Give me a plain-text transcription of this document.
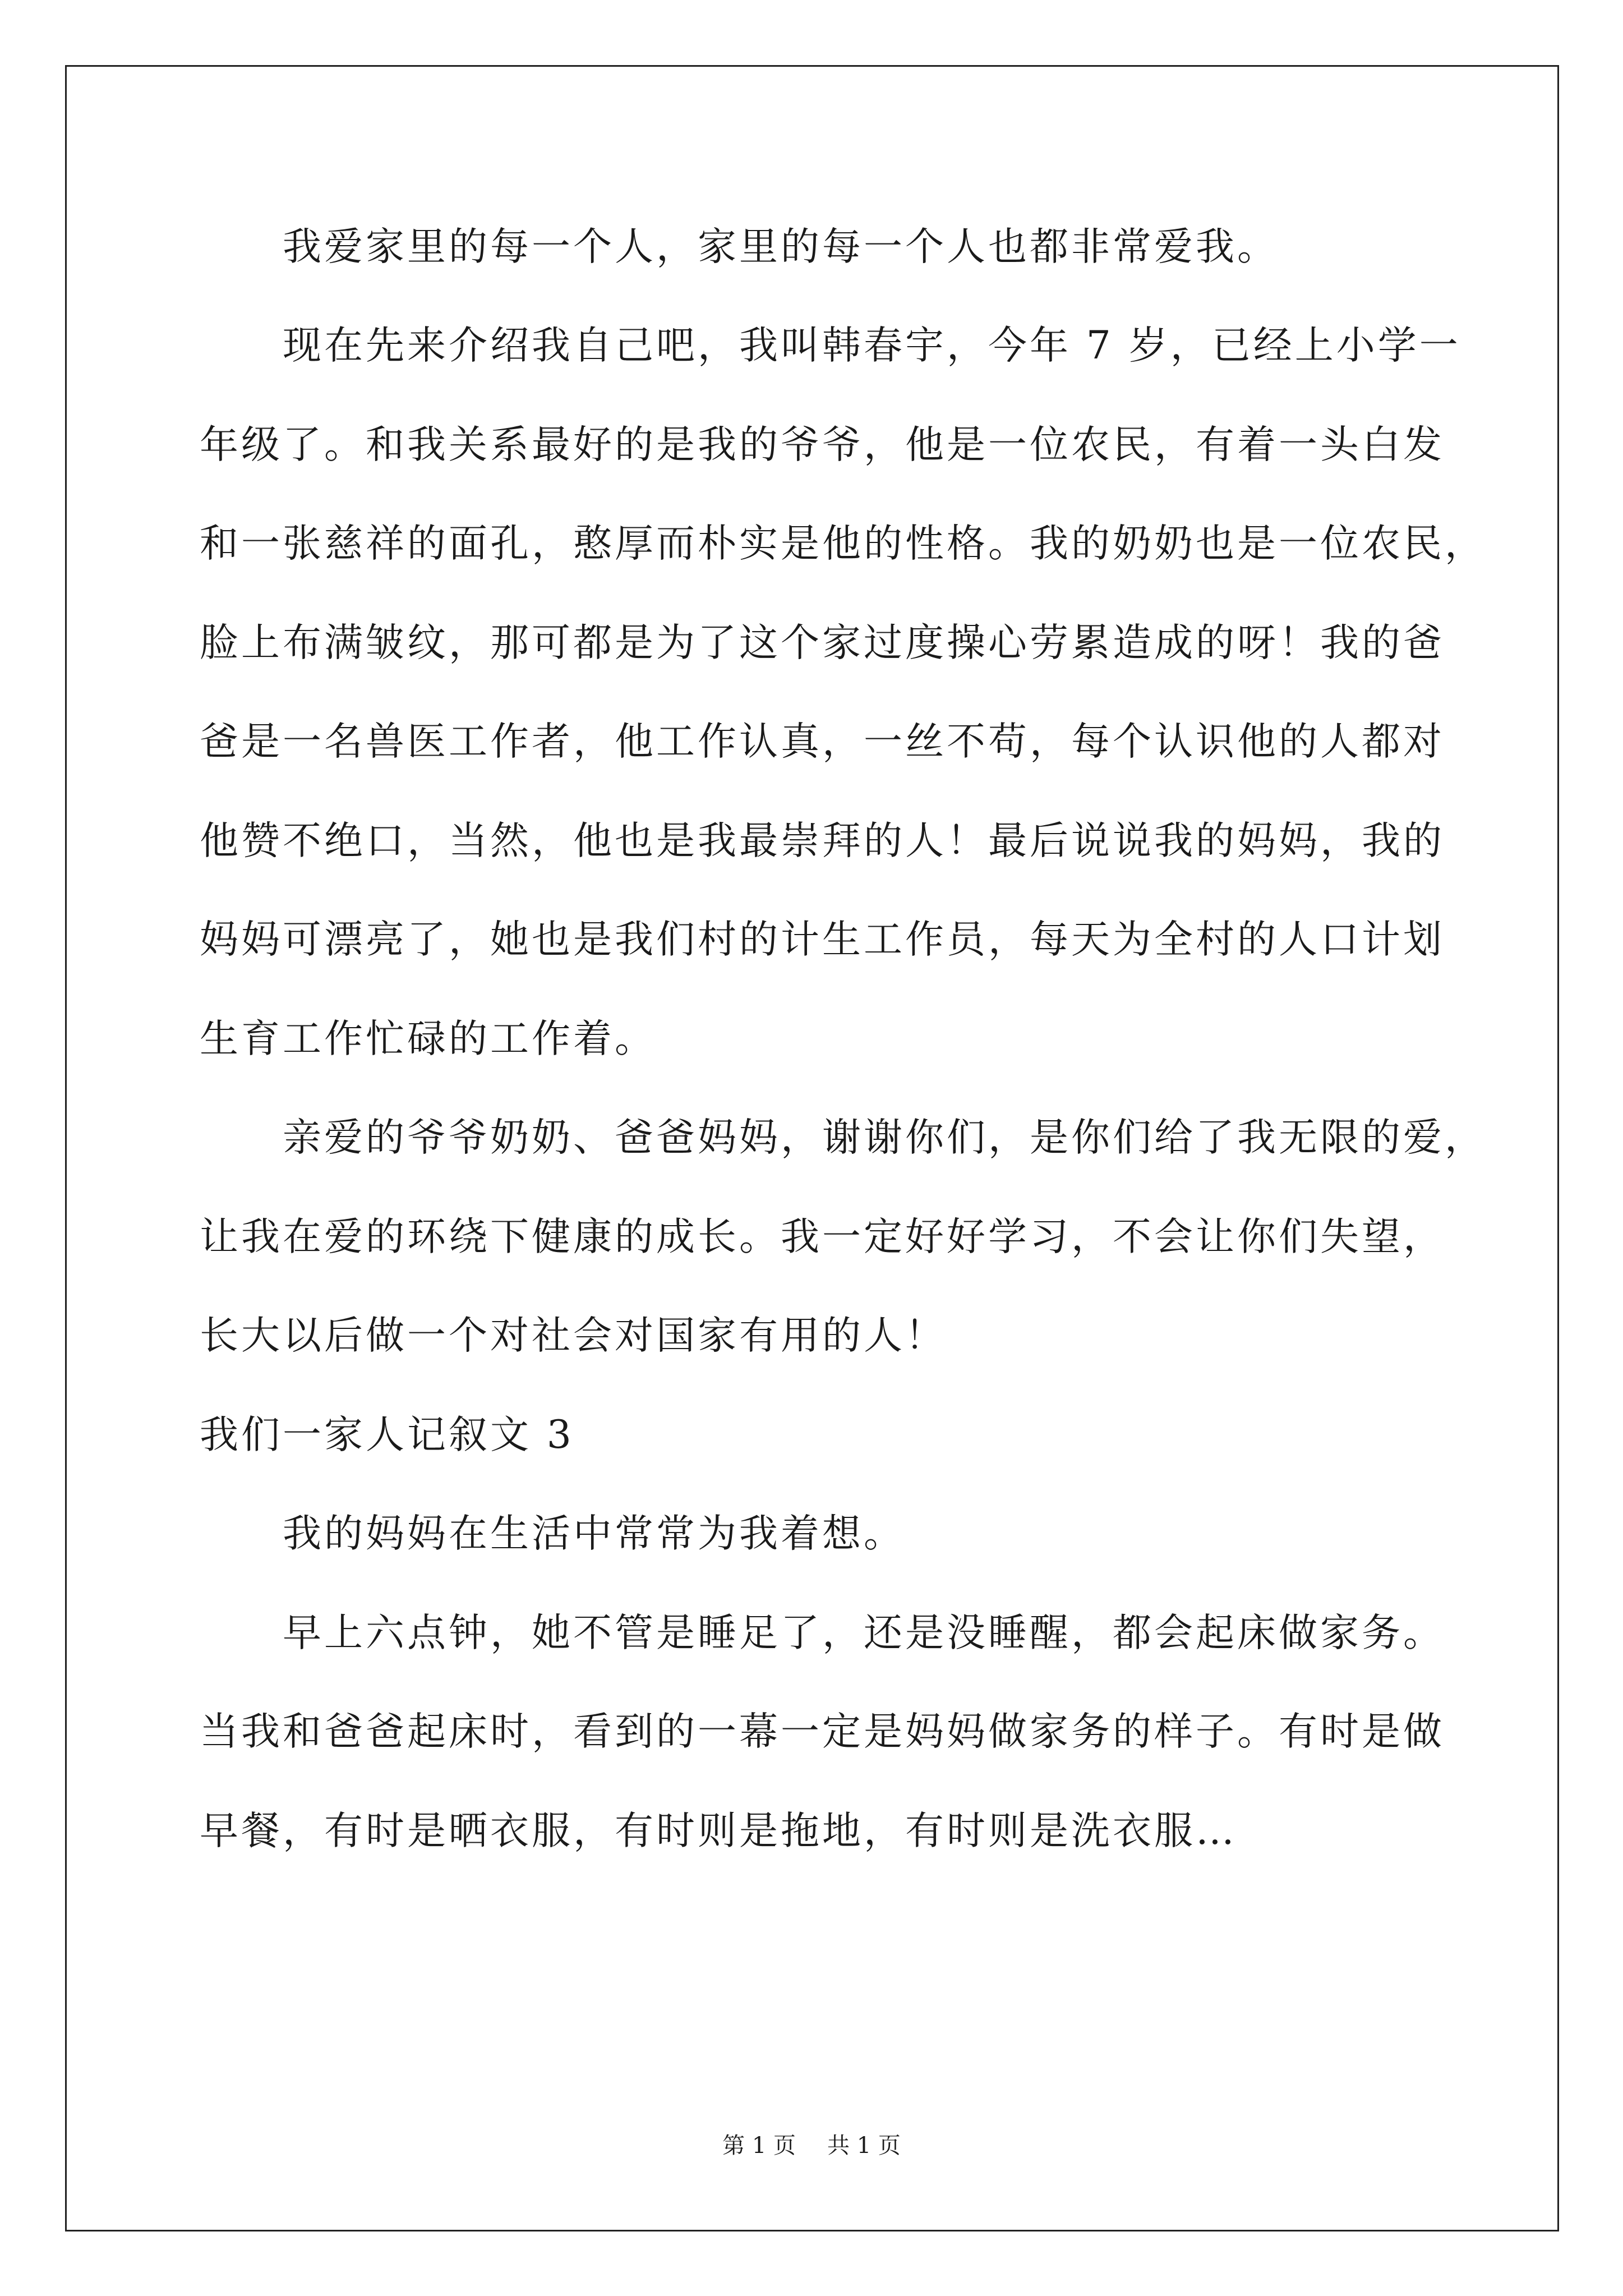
我爱家里的每一个人，家里的每一个人也都非常爱我。
现在先来介绍我自己吧，我叫韩春宇，今年 7 岁，已经上小学一
年级了。和我关系最好的是我的爷爷，他是一位农民，有着一头白发
和一张慈祥的面孔，憨厚而朴实是他的性格。我的奶奶也是一位农民，
脸上布满皱纹，那可都是为了这个家过度操心劳累造成的呀！我的爸
爸是一名兽医工作者，他工作认真，一丝不苟，每个认识他的人都对
他赞不绝口，当然，他也是我最崇拜的人！最后说说我的妈妈，我的
妈妈可漂亮了，她也是我们村的计生工作员，每天为全村的人口计划
生育工作忙碌的工作着。
亲爱的爷爷奶奶、爸爸妈妈，谢谢你们，是你们给了我无限的爱，
让我在爱的环绕下健康的成长。我一定好好学习，不会让你们失望，
长大以后做一个对社会对国家有用的人！
我们一家人记叙文 3
我的妈妈在生活中常常为我着想。
早上六点钟，她不管是睡足了，还是没睡醒，都会起床做家务。
当我和爸爸起床时，看到的一幕一定是妈妈做家务的样子。有时是做
早餐，有时是晒衣服，有时则是拖地，有时则是洗衣服…
第 1 页 共 1 页
